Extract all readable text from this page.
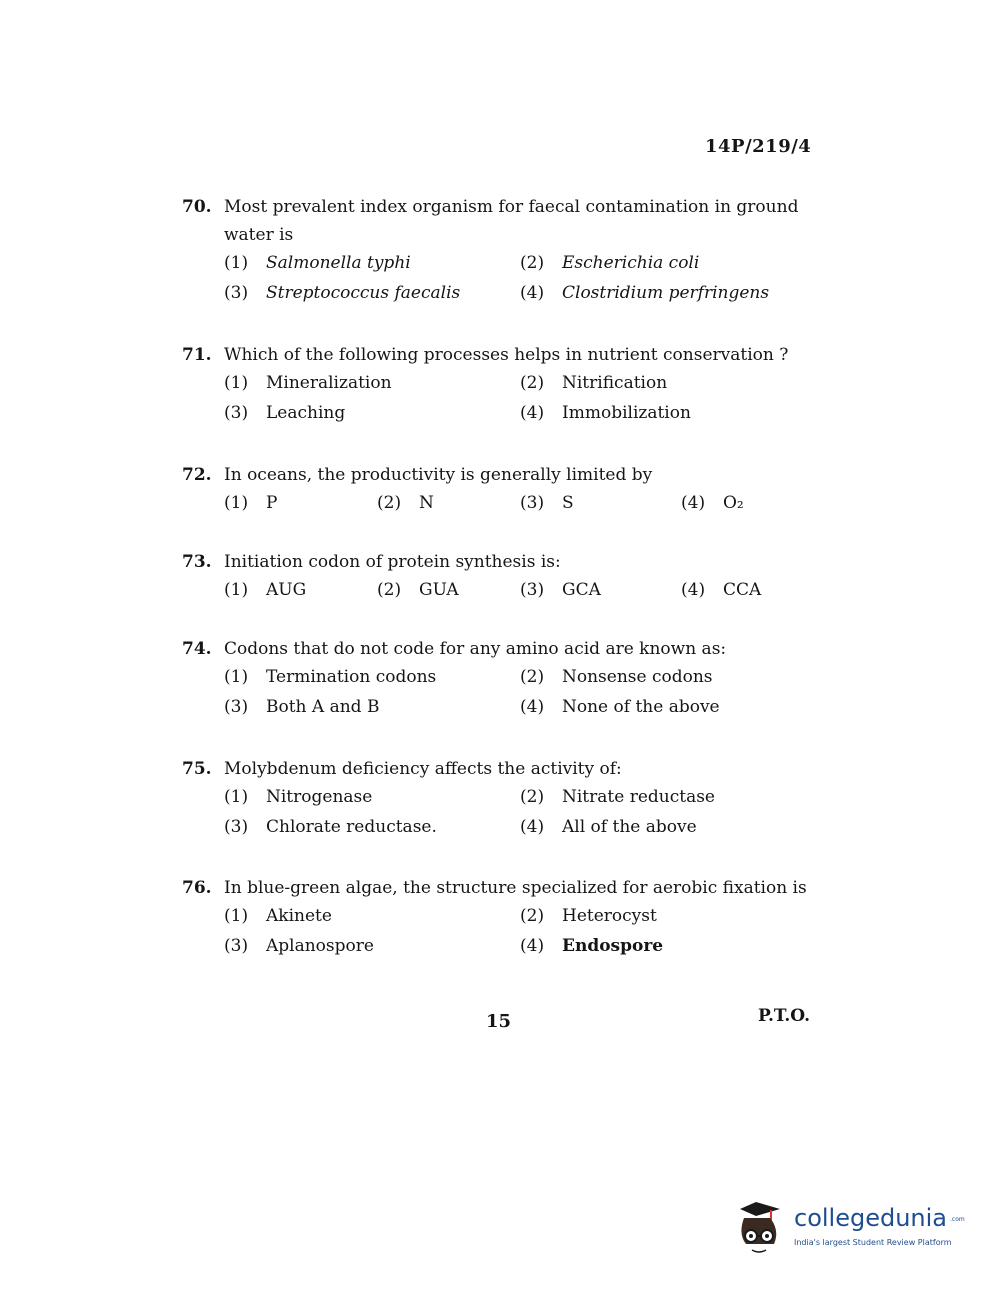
14P/219/4
70. Most prevalent index organism for faecal contamination in ground water is
(1)	Salmonella typhi	(2)	Escherichia coli
(3)	Streptococcus faecalis	(4)	Clostridium perfringens
71. Which of the following processes helps in nutrient conservation ?
(1)	Mineralization	(2)	Nitrification
(3)	Leaching	(4)	Immobilization
72. In oceans, the productivity is generally limited by
(1)	P	(2)	N	(3)	S	(4)	O₂
73. Initiation codon of protein synthesis is:
(1)	AUG	(2)	GUA	(3)	GCA	(4)	CCA
74. Codons that do not code for any amino acid are known as:
(1)	Termination codons	(2)	Nonsense codons
(3)	Both A and B	(4)	None of the above
75. Molybdenum deficiency affects the activity of:
(1)	Nitrogenase	(2)	Nitrate reductase
(3)	Chlorate reductase.	(4)	All of the above
76. In blue-green algae, the structure specialized for aerobic fixation is
(1)	Akinete	(2)	Heterocyst
(3)	Aplanospore	(4)	Endospore
15	P.T.O.
collegedunia .com
India's largest Student Review Platform
